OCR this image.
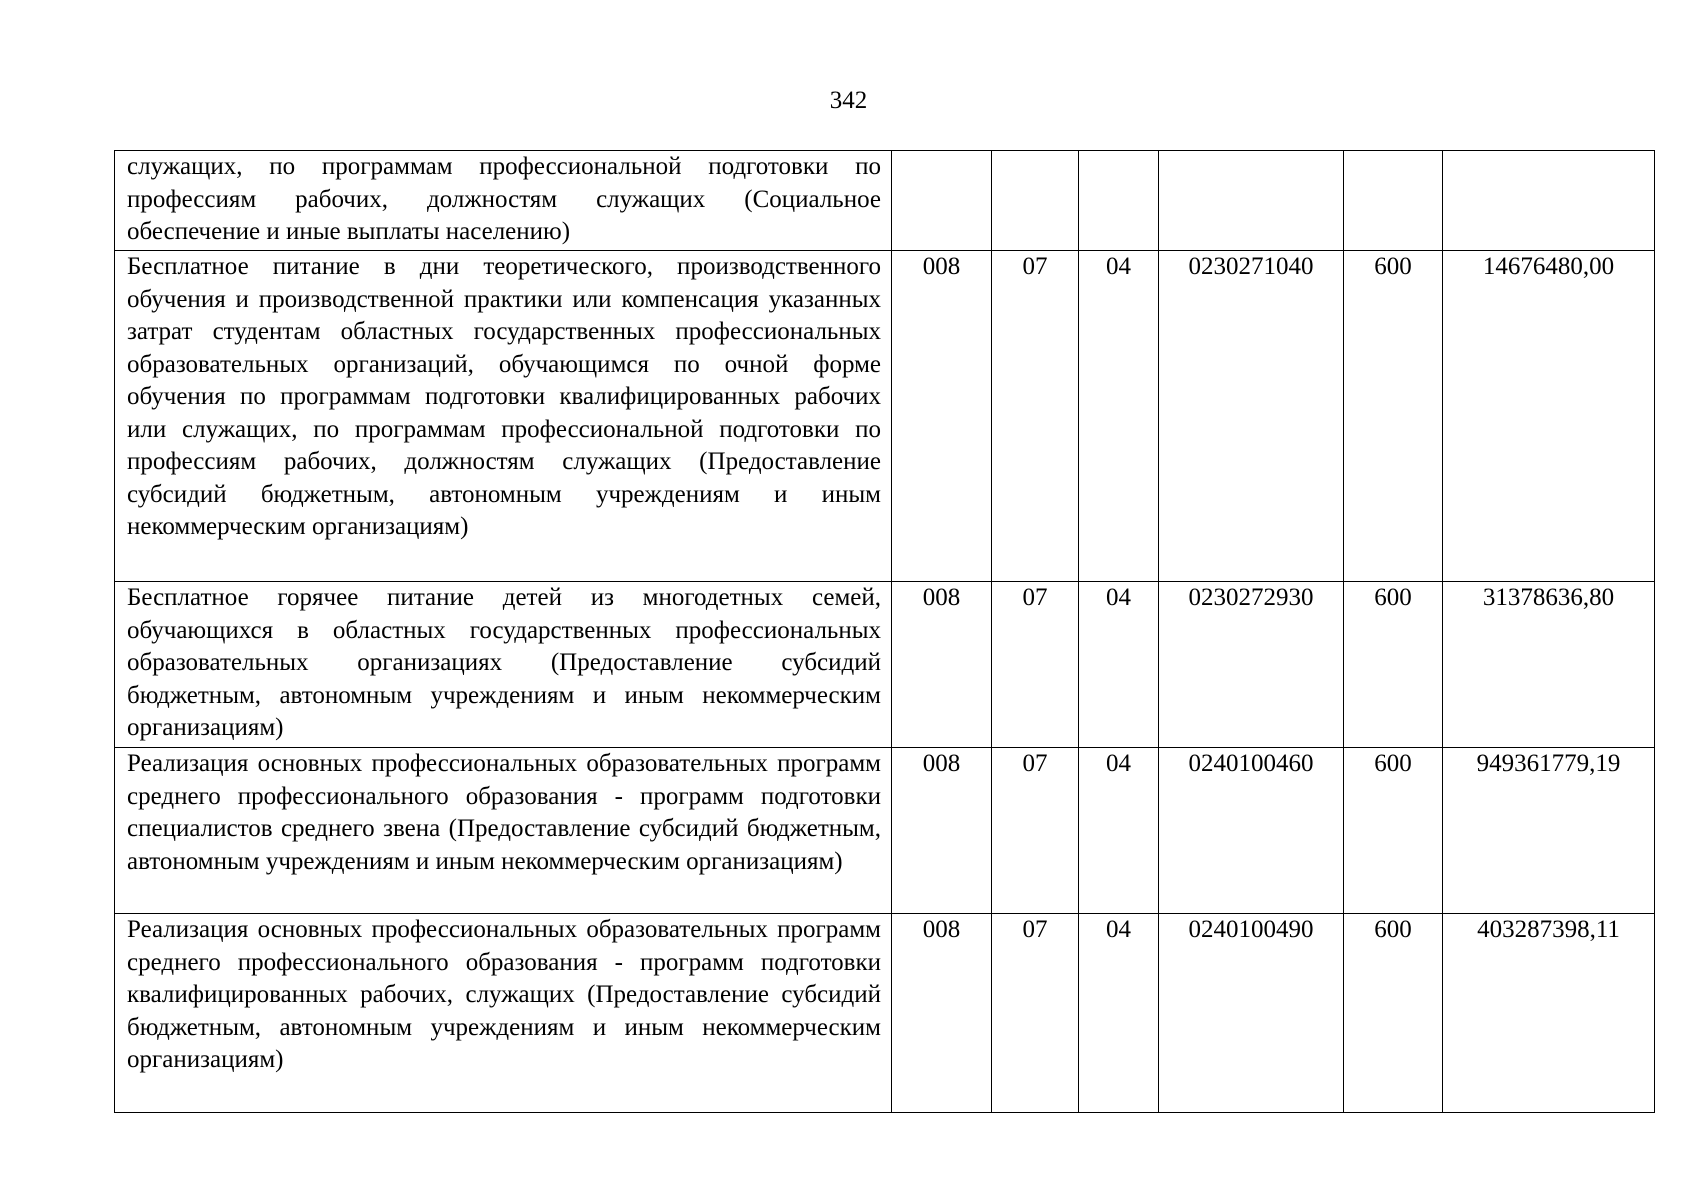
342
служащих, по программам профессиональной подготовки по профессиям рабочих, должностям служащих (Социальное обеспечение и иные выплаты населению)						
Бесплатное питание в дни теоретического, производственного обучения и производственной практики или компенсация указанных затрат студентам областных государственных профессиональных образовательных организаций, обучающимся по очной форме обучения по программам подготовки квалифицированных рабочих или служащих, по программам профессиональной подготовки по профессиям рабочих, должностям служащих (Предоставление субсидий бюджетным, автономным учреждениям и иным некоммерческим организациям)	008	07	04	0230271040	600	14676480,00
Бесплатное горячее питание детей из многодетных семей, обучающихся в областных государственных профессиональных образовательных организациях (Предоставление субсидий бюджетным, автономным учреждениям и иным некоммерческим организациям)	008	07	04	0230272930	600	31378636,80
Реализация основных профессиональных образовательных программ среднего профессионального образования - программ подготовки специалистов среднего звена (Предоставление субсидий бюджетным, автономным учреждениям и иным некоммерческим организациям)	008	07	04	0240100460	600	949361779,19
Реализация основных профессиональных образовательных программ среднего профессионального образования - программ подготовки квалифицированных рабочих, служащих (Предоставление субсидий бюджетным, автономным учреждениям и иным некоммерческим организациям)	008	07	04	0240100490	600	403287398,11
